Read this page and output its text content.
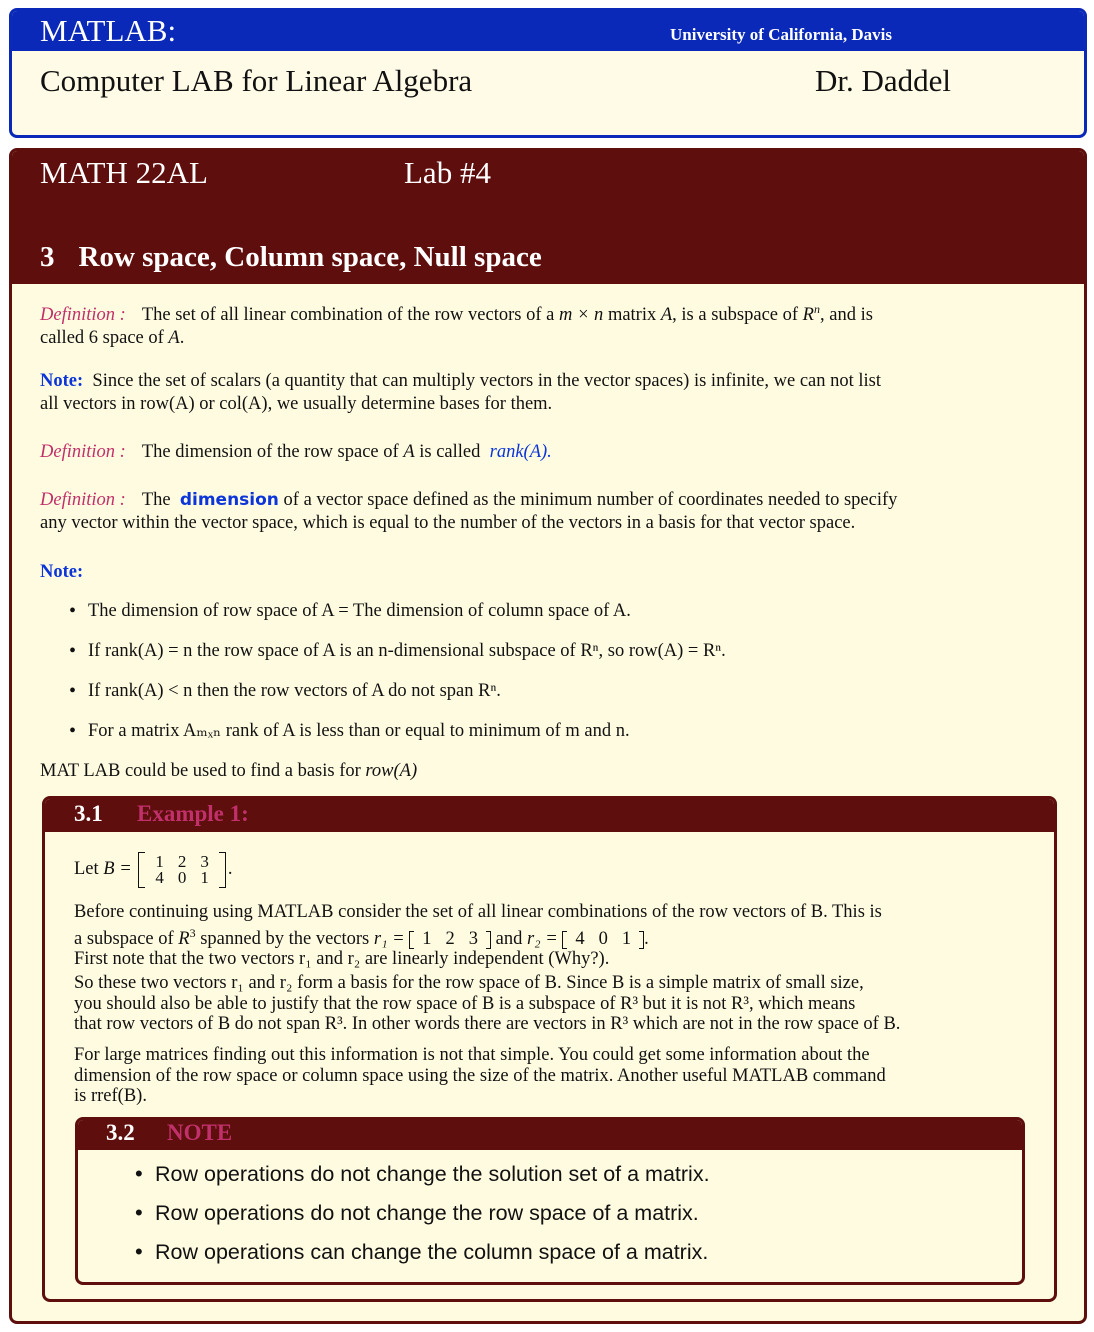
MATLAB:	University of California, Davis
Computer LAB for Linear Algebra	Dr. Daddel
MATH 22AL	Lab #4
3 Row space, Column space, Null space
Definition : The set of all linear combination of the row vectors of a m × n matrix A, is a subspace of $R^n$, and is
called 6 space of A.
Note: Since the set of scalars (a quantity that can multiply vectors in the vector spaces) is infinite, we can not list
all vectors in row(A) or col(A), we usually determine bases for them.
Definition : The dimension of the row space of A is called rank(A).
Definition : The dimension of a vector space defined as the minimum number of coordinates needed to specify
any vector within the vector space, which is equal to the number of the vectors in a basis for that vector space.
Note:
• The dimension of row space of A = The dimension of column space of A.
• If rank(A) = n the row space of A is an n-dimensional subspace of Rⁿ, so row(A) = Rⁿ.
• If rank(A) < n then the row vectors of A do not span Rⁿ.
• For a matrix Aₘₓₙ rank of A is less than or equal to minimum of m and n.
MAT LAB could be used to find a basis for row(A)
3.1 Example 1:
Let B = 1	2	3
4	0	1 .
Before continuing using MATLAB consider the set of all linear combinations of the row vectors of B. This is
a subspace of $R^3$ spanned by the vectors r₁ = 1 2 3 and r₂ = 4 0 1 .
First note that the two vectors r₁ and r₂ are linearly independent (Why?).
So these two vectors r₁ and r₂ form a basis for the row space of B. Since B is a simple matrix of small size,
you should also be able to justify that the row space of B is a subspace of R³ but it is not R³, which means
that row vectors of B do not span R³. In other words there are vectors in R³ which are not in the row space of B.
For large matrices finding out this information is not that simple. You could get some information about the
dimension of the row space or column space using the size of the matrix. Another useful MATLAB command
is rref(B).
3.2 NOTE
• Row operations do not change the solution set of a matrix.
• Row operations do not change the row space of a matrix.
• Row operations can change the column space of a matrix.
